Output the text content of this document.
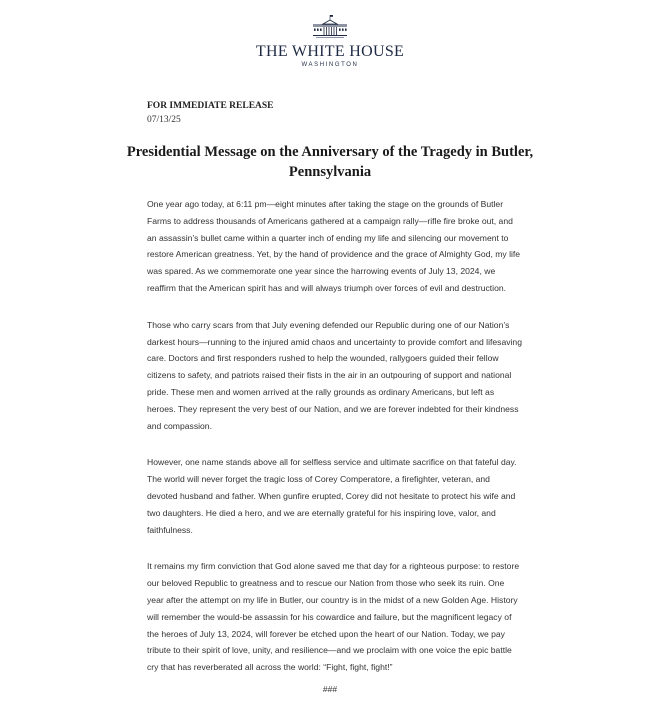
THE WHITE HOUSE
WASHINGTON
FOR IMMEDIATE RELEASE
07/13/25
Presidential Message on the Anniversary of the Tragedy in Butler, Pennsylvania

One year ago today, at 6:11 pm—eight minutes after taking the stage on the grounds of Butler Farms to address thousands of Americans gathered at a campaign rally—rifle fire broke out, and an assassin’s bullet came within a quarter inch of ending my life and silencing our movement to restore American greatness. Yet, by the hand of providence and the grace of Almighty God, my life was spared. As we commemorate one year since the harrowing events of July 13, 2024, we reaffirm that the American spirit has and will always triumph over forces of evil and destruction.

Those who carry scars from that July evening defended our Republic during one of our Nation’s darkest hours—running to the injured amid chaos and uncertainty to provide comfort and lifesaving care. Doctors and first responders rushed to help the wounded, rallygoers guided their fellow citizens to safety, and patriots raised their fists in the air in an outpouring of support and national pride. These men and women arrived at the rally grounds as ordinary Americans, but left as heroes. They represent the very best of our Nation, and we are forever indebted for their kindness and compassion.

However, one name stands above all for selfless service and ultimate sacrifice on that fateful day. The world will never forget the tragic loss of Corey Comperatore, a firefighter, veteran, and devoted husband and father. When gunfire erupted, Corey did not hesitate to protect his wife and two daughters. He died a hero, and we are eternally grateful for his inspiring love, valor, and faithfulness.

It remains my firm conviction that God alone saved me that day for a righteous purpose: to restore our beloved Republic to greatness and to rescue our Nation from those who seek its ruin. One year after the attempt on my life in Butler, our country is in the midst of a new Golden Age. History will remember the would-be assassin for his cowardice and failure, but the magnificent legacy of the heroes of July 13, 2024, will forever be etched upon the heart of our Nation. Today, we pay tribute to their spirit of love, unity, and resilience—and we proclaim with one voice the epic battle cry that has reverberated all across the world: “Fight, fight, fight!”

###
